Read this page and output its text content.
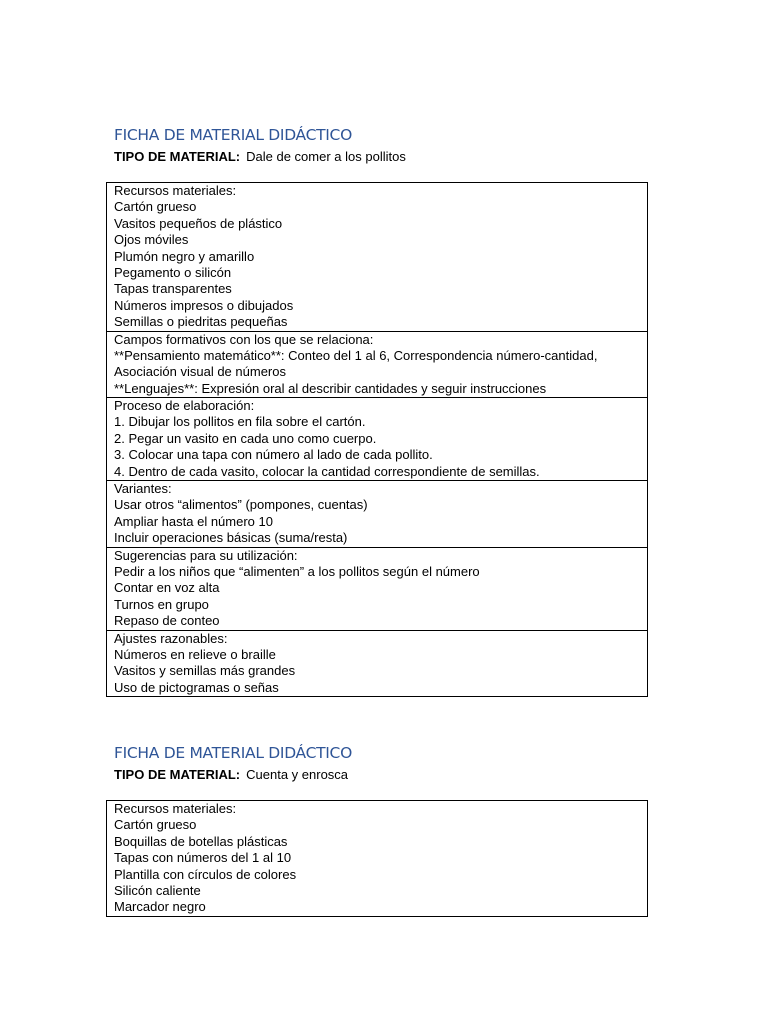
FICHA DE MATERIAL DIDÁCTICO
TIPO DE MATERIAL: Dale de comer a los pollitos
Recursos materiales:
Cartón grueso
Vasitos pequeños de plástico
Ojos móviles
Plumón negro y amarillo
Pegamento o silicón
Tapas transparentes
Números impresos o dibujados
Semillas o piedritas pequeñas

Campos formativos con los que se relaciona:
**Pensamiento matemático**: Conteo del 1 al 6, Correspondencia número-cantidad,
Asociación visual de números
**Lenguajes**: Expresión oral al describir cantidades y seguir instrucciones

Proceso de elaboración:
1. Dibujar los pollitos en fila sobre el cartón.
2. Pegar un vasito en cada uno como cuerpo.
3. Colocar una tapa con número al lado de cada pollito.
4. Dentro de cada vasito, colocar la cantidad correspondiente de semillas.

Variantes:
Usar otros “alimentos” (pompones, cuentas)
Ampliar hasta el número 10
Incluir operaciones básicas (suma/resta)

Sugerencias para su utilización:
Pedir a los niños que “alimenten” a los pollitos según el número
Contar en voz alta
Turnos en grupo
Repaso de conteo

Ajustes razonables:
Números en relieve o braille
Vasitos y semillas más grandes
Uso de pictogramas o señas
FICHA DE MATERIAL DIDÁCTICO
TIPO DE MATERIAL: Cuenta y enrosca
Recursos materiales:
Cartón grueso
Boquillas de botellas plásticas
Tapas con números del 1 al 10
Plantilla con círculos de colores
Silicón caliente
Marcador negro
